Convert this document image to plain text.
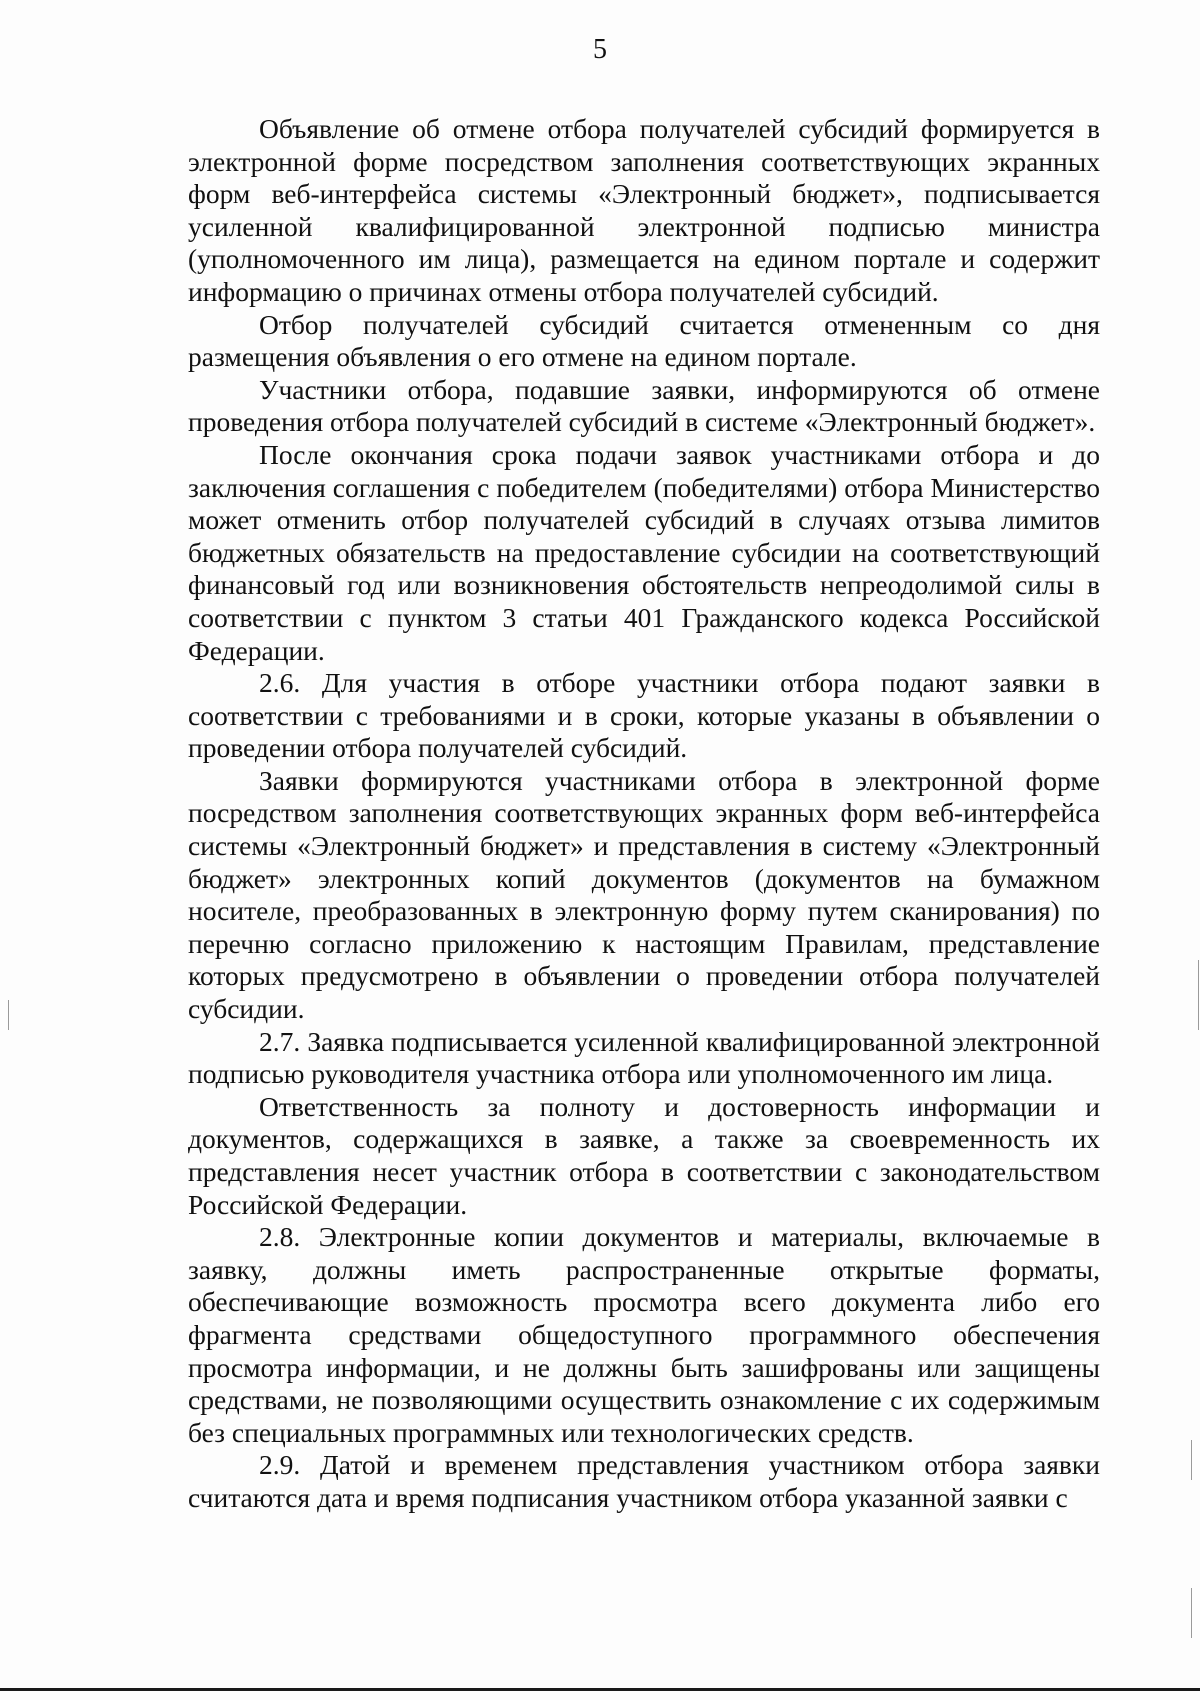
5

Объявление об отмене отбора получателей субсидий формируется в электронной форме посредством заполнения соответствующих экранных форм веб-интерфейса системы «Электронный бюджет», подписывается усиленной квалифицированной электронной подписью министра (уполномоченного им лица), размещается на едином портале и содержит информацию о причинах отмены отбора получателей субсидий.

Отбор получателей субсидий считается отмененным со дня размещения объявления о его отмене на едином портале.

Участники отбора, подавшие заявки, информируются об отмене проведения отбора получателей субсидий в системе «Электронный бюджет».

После окончания срока подачи заявок участниками отбора и до заключения соглашения с победителем (победителями) отбора Министерство может отменить отбор получателей субсидий в случаях отзыва лимитов бюджетных обязательств на предоставление субсидии на соответствующий финансовый год или возникновения обстоятельств непреодолимой силы в соответствии с пунктом 3 статьи 401 Гражданского кодекса Российской Федерации.

2.6. Для участия в отборе участники отбора подают заявки в соответствии с требованиями и в сроки, которые указаны в объявлении о проведении отбора получателей субсидий.

Заявки формируются участниками отбора в электронной форме посредством заполнения соответствующих экранных форм веб-интерфейса системы «Электронный бюджет» и представления в систему «Электронный бюджет» электронных копий документов (документов на бумажном носителе, преобразованных в электронную форму путем сканирования) по перечню согласно приложению к настоящим Правилам, представление которых предусмотрено в объявлении о проведении отбора получателей субсидии.

2.7. Заявка подписывается усиленной квалифицированной электронной подписью руководителя участника отбора или уполномоченного им лица.

Ответственность за полноту и достоверность информации и документов, содержащихся в заявке, а также за своевременность их представления несет участник отбора в соответствии с законодательством Российской Федерации.

2.8. Электронные копии документов и материалы, включаемые в заявку, должны иметь распространенные открытые форматы, обеспечивающие возможность просмотра всего документа либо его фрагмента средствами общедоступного программного обеспечения просмотра информации, и не должны быть зашифрованы или защищены средствами, не позволяющими осуществить ознакомление с их содержимым без специальных программных или технологических средств.

2.9. Датой и временем представления участником отбора заявки считаются дата и время подписания участником отбора указанной заявки с
